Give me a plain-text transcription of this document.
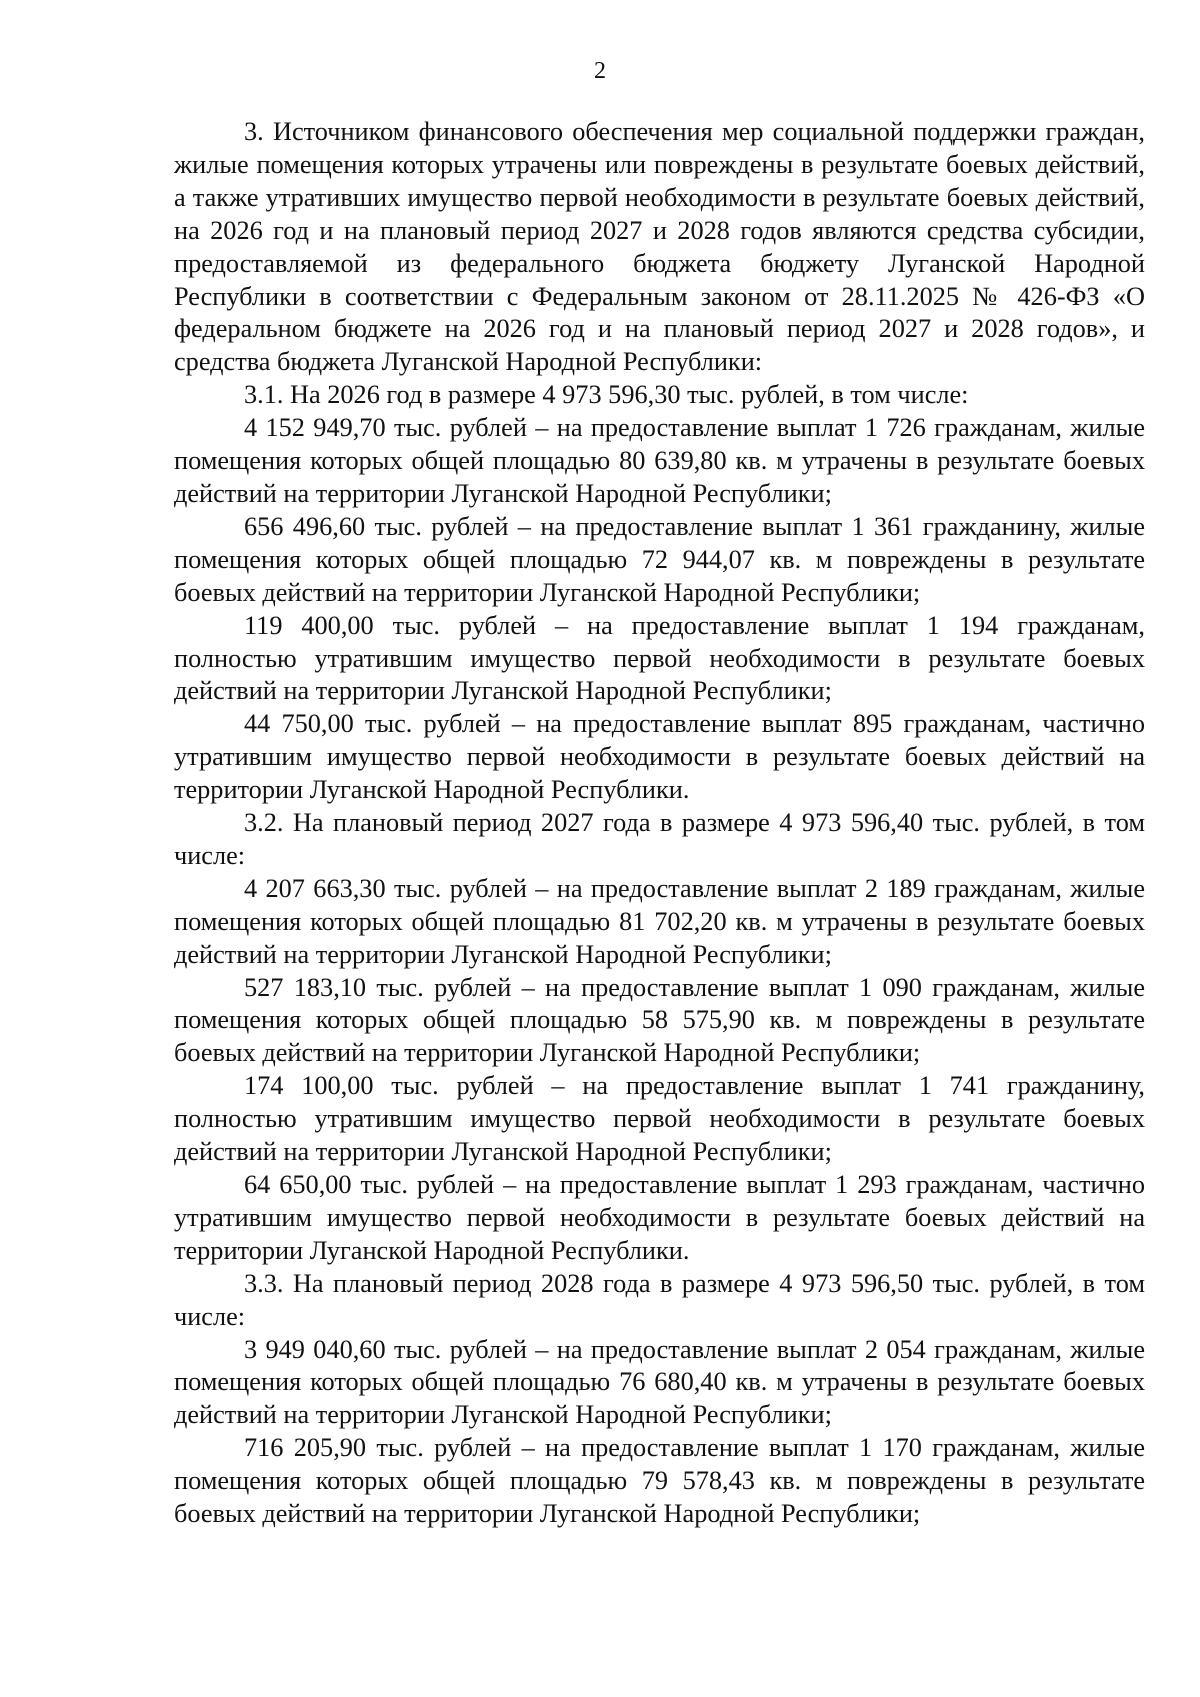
2

3. Источником финансового обеспечения мер социальной поддержки граждан, жилые помещения которых утрачены или повреждены в результате боевых действий, а также утративших имущество первой необходимости в результате боевых действий, на 2026 год и на плановый период 2027 и 2028 годов являются средства субсидии, предоставляемой из федерального бюджета бюджету Луганской Народной Республики в соответствии с Федеральным законом от 28.11.2025 № 426-ФЗ «О федеральном бюджете на 2026 год и на плановый период 2027 и 2028 годов», и средства бюджета Луганской Народной Республики:

3.1. На 2026 год в размере 4 973 596,30 тыс. рублей, в том числе:

4 152 949,70 тыс. рублей – на предоставление выплат 1 726 гражданам, жилые помещения которых общей площадью 80 639,80 кв. м утрачены в результате боевых действий на территории Луганской Народной Республики;

656 496,60 тыс. рублей – на предоставление выплат 1 361 гражданину, жилые помещения которых общей площадью 72 944,07 кв. м повреждены в результате боевых действий на территории Луганской Народной Республики;

119 400,00 тыс. рублей – на предоставление выплат 1 194 гражданам, полностью утратившим имущество первой необходимости в результате боевых действий на территории Луганской Народной Республики;

44 750,00 тыс. рублей – на предоставление выплат 895 гражданам, частично утратившим имущество первой необходимости в результате боевых действий на территории Луганской Народной Республики.

3.2. На плановый период 2027 года в размере 4 973 596,40 тыс. рублей, в том числе:

4 207 663,30 тыс. рублей – на предоставление выплат 2 189 гражданам, жилые помещения которых общей площадью 81 702,20 кв. м утрачены в результате боевых действий на территории Луганской Народной Республики;

527 183,10 тыс. рублей – на предоставление выплат 1 090 гражданам, жилые помещения которых общей площадью 58 575,90 кв. м повреждены в результате боевых действий на территории Луганской Народной Республики;

174 100,00 тыс. рублей – на предоставление выплат 1 741 гражданину, полностью утратившим имущество первой необходимости в результате боевых действий на территории Луганской Народной Республики;

64 650,00 тыс. рублей – на предоставление выплат 1 293 гражданам, частично утратившим имущество первой необходимости в результате боевых действий на территории Луганской Народной Республики.

3.3. На плановый период 2028 года в размере 4 973 596,50 тыс. рублей, в том числе:

3 949 040,60 тыс. рублей – на предоставление выплат 2 054 гражданам, жилые помещения которых общей площадью 76 680,40 кв. м утрачены в результате боевых действий на территории Луганской Народной Республики;

716 205,90 тыс. рублей – на предоставление выплат 1 170 гражданам, жилые помещения которых общей площадью 79 578,43 кв. м повреждены в результате боевых действий на территории Луганской Народной Республики;
